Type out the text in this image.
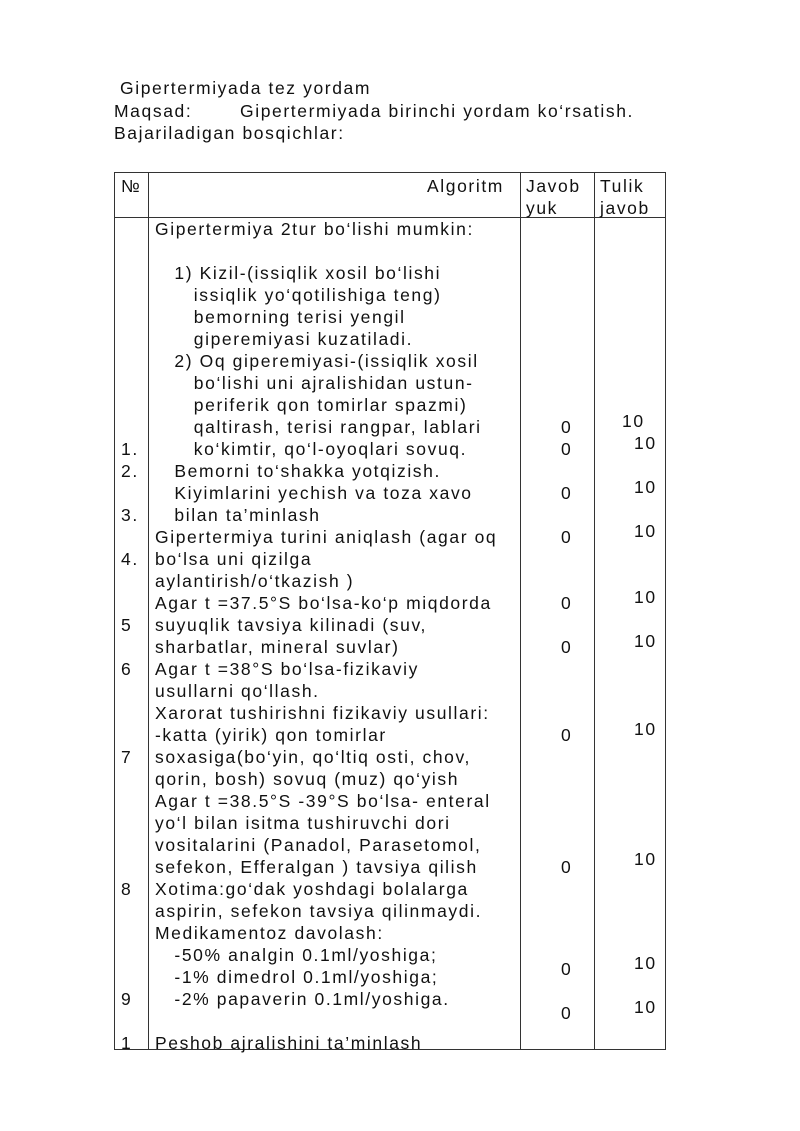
Gipertermiyada tez yordam
Maqsad:	Gipertermiyada birinchi yordam ko‘rsatish.
Bajariladigan bosqichlar:
№	Algoritm Javob
yuk
Tulik
javob
Gipertermiya 2tur bo‘lishi mumkin:
1) Kizil-(issiqlik xosil bo‘lishi
issiqlik yo‘qotilishiga teng)
bemorning terisi yengil
giperemiyasi kuzatiladi.
2) Oq giperemiyasi-(issiqlik xosil
bo‘lishi uni ajralishidan ustun-
periferik qon tomirlar spazmi)
qaltirash, terisi rangpar, lablari
ko‘kimtir, qo‘l-oyoqlari sovuq.
Bemorni to‘shakka yotqizish.
Kiyimlarini yechish va toza xavo
bilan ta’minlash
Gipertermiya turini aniqlash (agar oq
bo‘lsa uni qizilga
aylantirish/o‘tkazish )
Agar t =37.5°S bo‘lsa-ko‘p miqdorda
suyuqlik tavsiya kilinadi (suv,
sharbatlar, mineral suvlar)
Agar t =38°S bo‘lsa-fizikaviy
usullarni qo‘llash.
Xarorat tushirishni fizikaviy usullari:
-katta (yirik) qon tomirlar
soxasiga(bo‘yin, qo‘ltiq osti, chov,
qorin, bosh) sovuq (muz) qo‘yish
Agar t =38.5°S -39°S bo‘lsa- enteral
yo‘l bilan isitma tushiruvchi dori
vositalarini (Panadol, Parasetomol,
sefekon, Efferalgan ) tavsiya qilish
Xotima:go‘dak yoshdagi bolalarga
aspirin, sefekon tavsiya qilinmaydi.
Medikamentoz davolash:
-50% analgin 0.1ml/yoshiga;
-1% dimedrol 0.1ml/yoshiga;
-2% papaverin 0.1ml/yoshiga.
Peshob ajralishini ta’minlash
1.
2.
3.
4.
5
6
7
8
9
1
0
0
0
0
0
0
0
0
0
0
10
10
10
10
10
10
10
10
10
10
